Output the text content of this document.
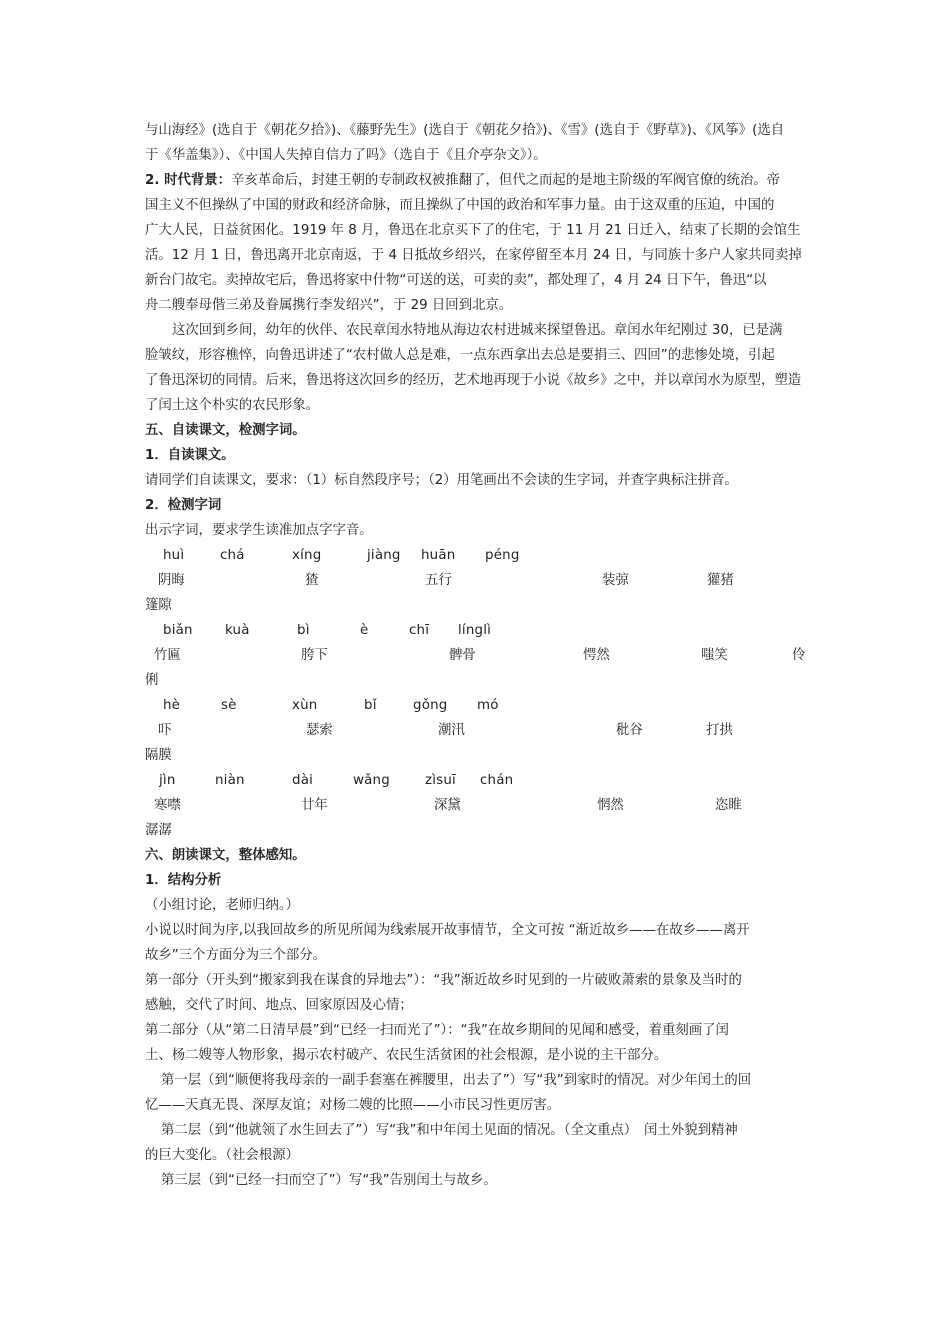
与山海经》(选自于《朝花夕拾》)、《藤野先生》(选自于《朝花夕拾》)、《雪》(选自于《野草》)、《风筝》(选自
于《华盖集》）、《中国人失掉自信力了吗》（选自于《且介亭杂文》）。
2. 时代背景：辛亥革命后，封建王朝的专制政权被推翻了，但代之而起的是地主阶级的军阀官僚的统治。帝
国主义不但操纵了中国的财政和经济命脉，而且操纵了中国的政治和军事力量。由于这双重的压迫，中国的
广大人民，日益贫困化。1919 年 8 月，鲁迅在北京买下了的住宅，于 11 月 21 日迁入，结束了长期的会馆生
活。12 月 1 日，鲁迅离开北京南返，于 4 日抵故乡绍兴，在家停留至本月 24 日，与同族十多户人家共同卖掉
新台门故宅。卖掉故宅后，鲁迅将家中什物“可送的送，可卖的卖”，都处理了，4 月 24 日下午，鲁迅“以
舟二艘奉母偕三弟及眷属携行李发绍兴”，于 29 日回到北京。
这次回到乡间，幼年的伙伴、农民章闰水特地从海边农村进城来探望鲁迅。章闰水年纪刚过 30，已是满
脸皱纹，形容樵悴，向鲁迅讲述了“农村做人总是难，一点东西拿出去总是要捐三、四回”的悲惨处境，引起
了鲁迅深切的同情。后来，鲁迅将这次回乡的经历，艺术地再现于小说《故乡》之中，并以章闰水为原型，塑造
了闰土这个朴实的农民形象。
五、自读课文，检测字词。
1．自读课文。
请同学们自读课文，要求：（1）标自然段序号；（2）用笔画出不会读的生字词，并查字典标注拼音。
2．检测字词
出示字词，要求学生读准加点字字音。
huì	chá	xíng	jiàng huān péng
阴晦	猹	五行	装弶	獾猪
篷隙
biǎn kuà	bì	è	chī línglì
竹匾	胯下	髀骨	愕然	嗤笑	伶
俐
hè	sè	xùn	bǐ	gǒng mó
吓	瑟索	潮汛	秕谷	打拱
隔膜
jìn	niàn	dài	wǎng	zìsuī chán
寒噤	廿年	深黛	惘然	恣睢
潺潺
六、朗读课文，整体感知。
1．结构分析
（小组讨论，老师归纳。）
小说以时间为序,以我回故乡的所见所闻为线索展开故事情节，全文可按 “渐近故乡——在故乡——离开
故乡”三个方面分为三个部分。
第一部分（开头到“搬家到我在谋食的异地去”）：“我”渐近故乡时见到的一片破败萧索的景象及当时的
感触，交代了时间、地点、回家原因及心情；
第二部分（从“第二日清早晨”到“已经一扫而光了”）：“我”在故乡期间的见闻和感受，着重刻画了闰
土、杨二嫂等人物形象，揭示农村破产、农民生活贫困的社会根源，是小说的主干部分。
第一层（到“顺便将我母亲的一副手套塞在裤腰里，出去了”）写“我”到家时的情况。对少年闰土的回
忆——天真无畏、深厚友谊；对杨二嫂的比照——小市民习性更厉害。
第二层（到“他就领了水生回去了”）写“我”和中年闰土见面的情况。（全文重点）　闰土外貌到精神
的巨大变化。（社会根源）
第三层（到“已经一扫而空了”）写“我”告别闰土与故乡。
